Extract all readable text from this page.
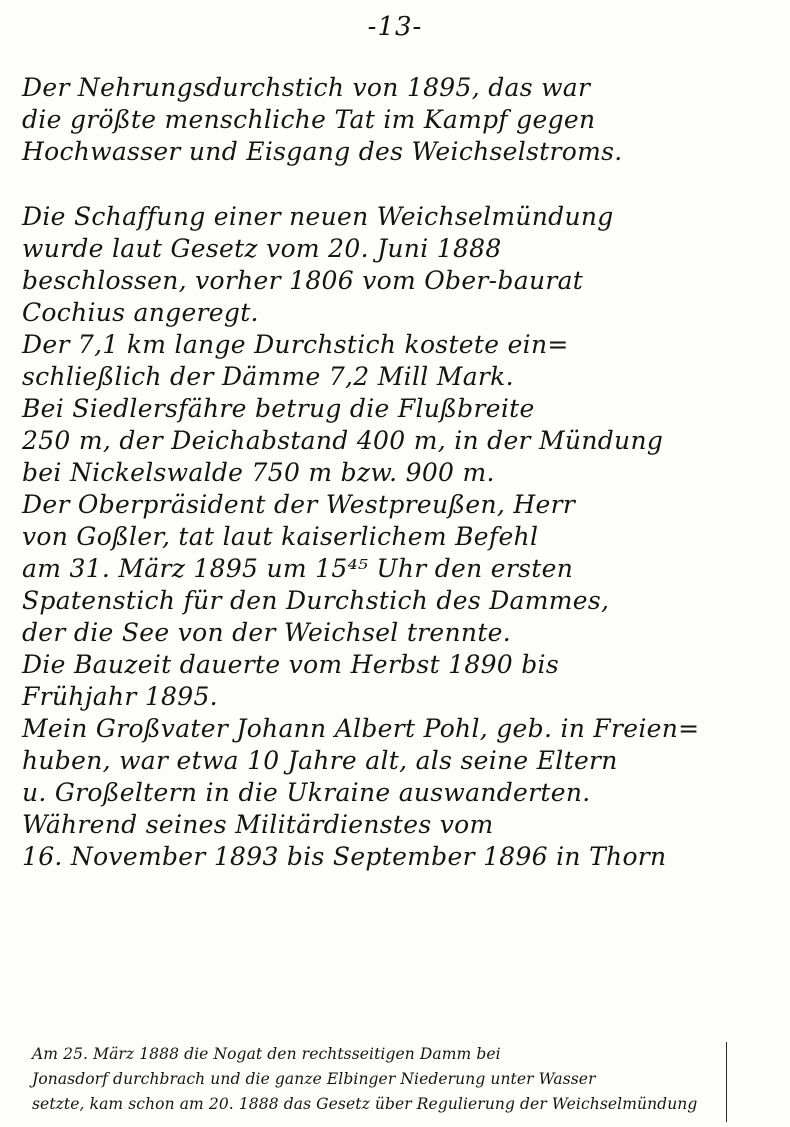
-13-
Der Nehrungsdurchstich von 1895, das war
die größte menschliche Tat im Kampf gegen
Hochwasser und Eisgang des Weichselstroms.
Die Schaffung einer neuen Weichselmündung
wurde laut Gesetz vom 20. Juni 1888
beschlossen, vorher 1806 vom Ober-baurat
Cochius angeregt.
Der 7,1 km lange Durchstich kostete ein=
schließlich der Dämme 7,2 Mill Mark.
Bei Siedlersfähre betrug die Flußbreite
250 m, der Deichabstand 400 m, in der Mündung
bei Nickelswalde 750 m bzw. 900 m.
Der Oberpräsident der Westpreußen, Herr
von Goßler, tat laut kaiserlichem Befehl
am 31. März 1895 um 15⁴⁵ Uhr den ersten
Spatenstich für den Durchstich des Dammes,
der die See von der Weichsel trennte.
Die Bauzeit dauerte vom Herbst 1890 bis
Frühjahr 1895.
Mein Großvater Johann Albert Pohl, geb. in Freien=
huben, war etwa 10 Jahre alt, als seine Eltern
u. Großeltern in die Ukraine auswanderten.
Während seines Militärdienstes vom
16. November 1893 bis September 1896 in Thorn
Am 25. März 1888 die Nogat den rechtsseitigen Damm bei
Jonasdorf durchbrach und die ganze Elbinger Niederung unter Wasser
setzte, kam schon am 20. 1888 das Gesetz über Regulierung der Weichselmündung
